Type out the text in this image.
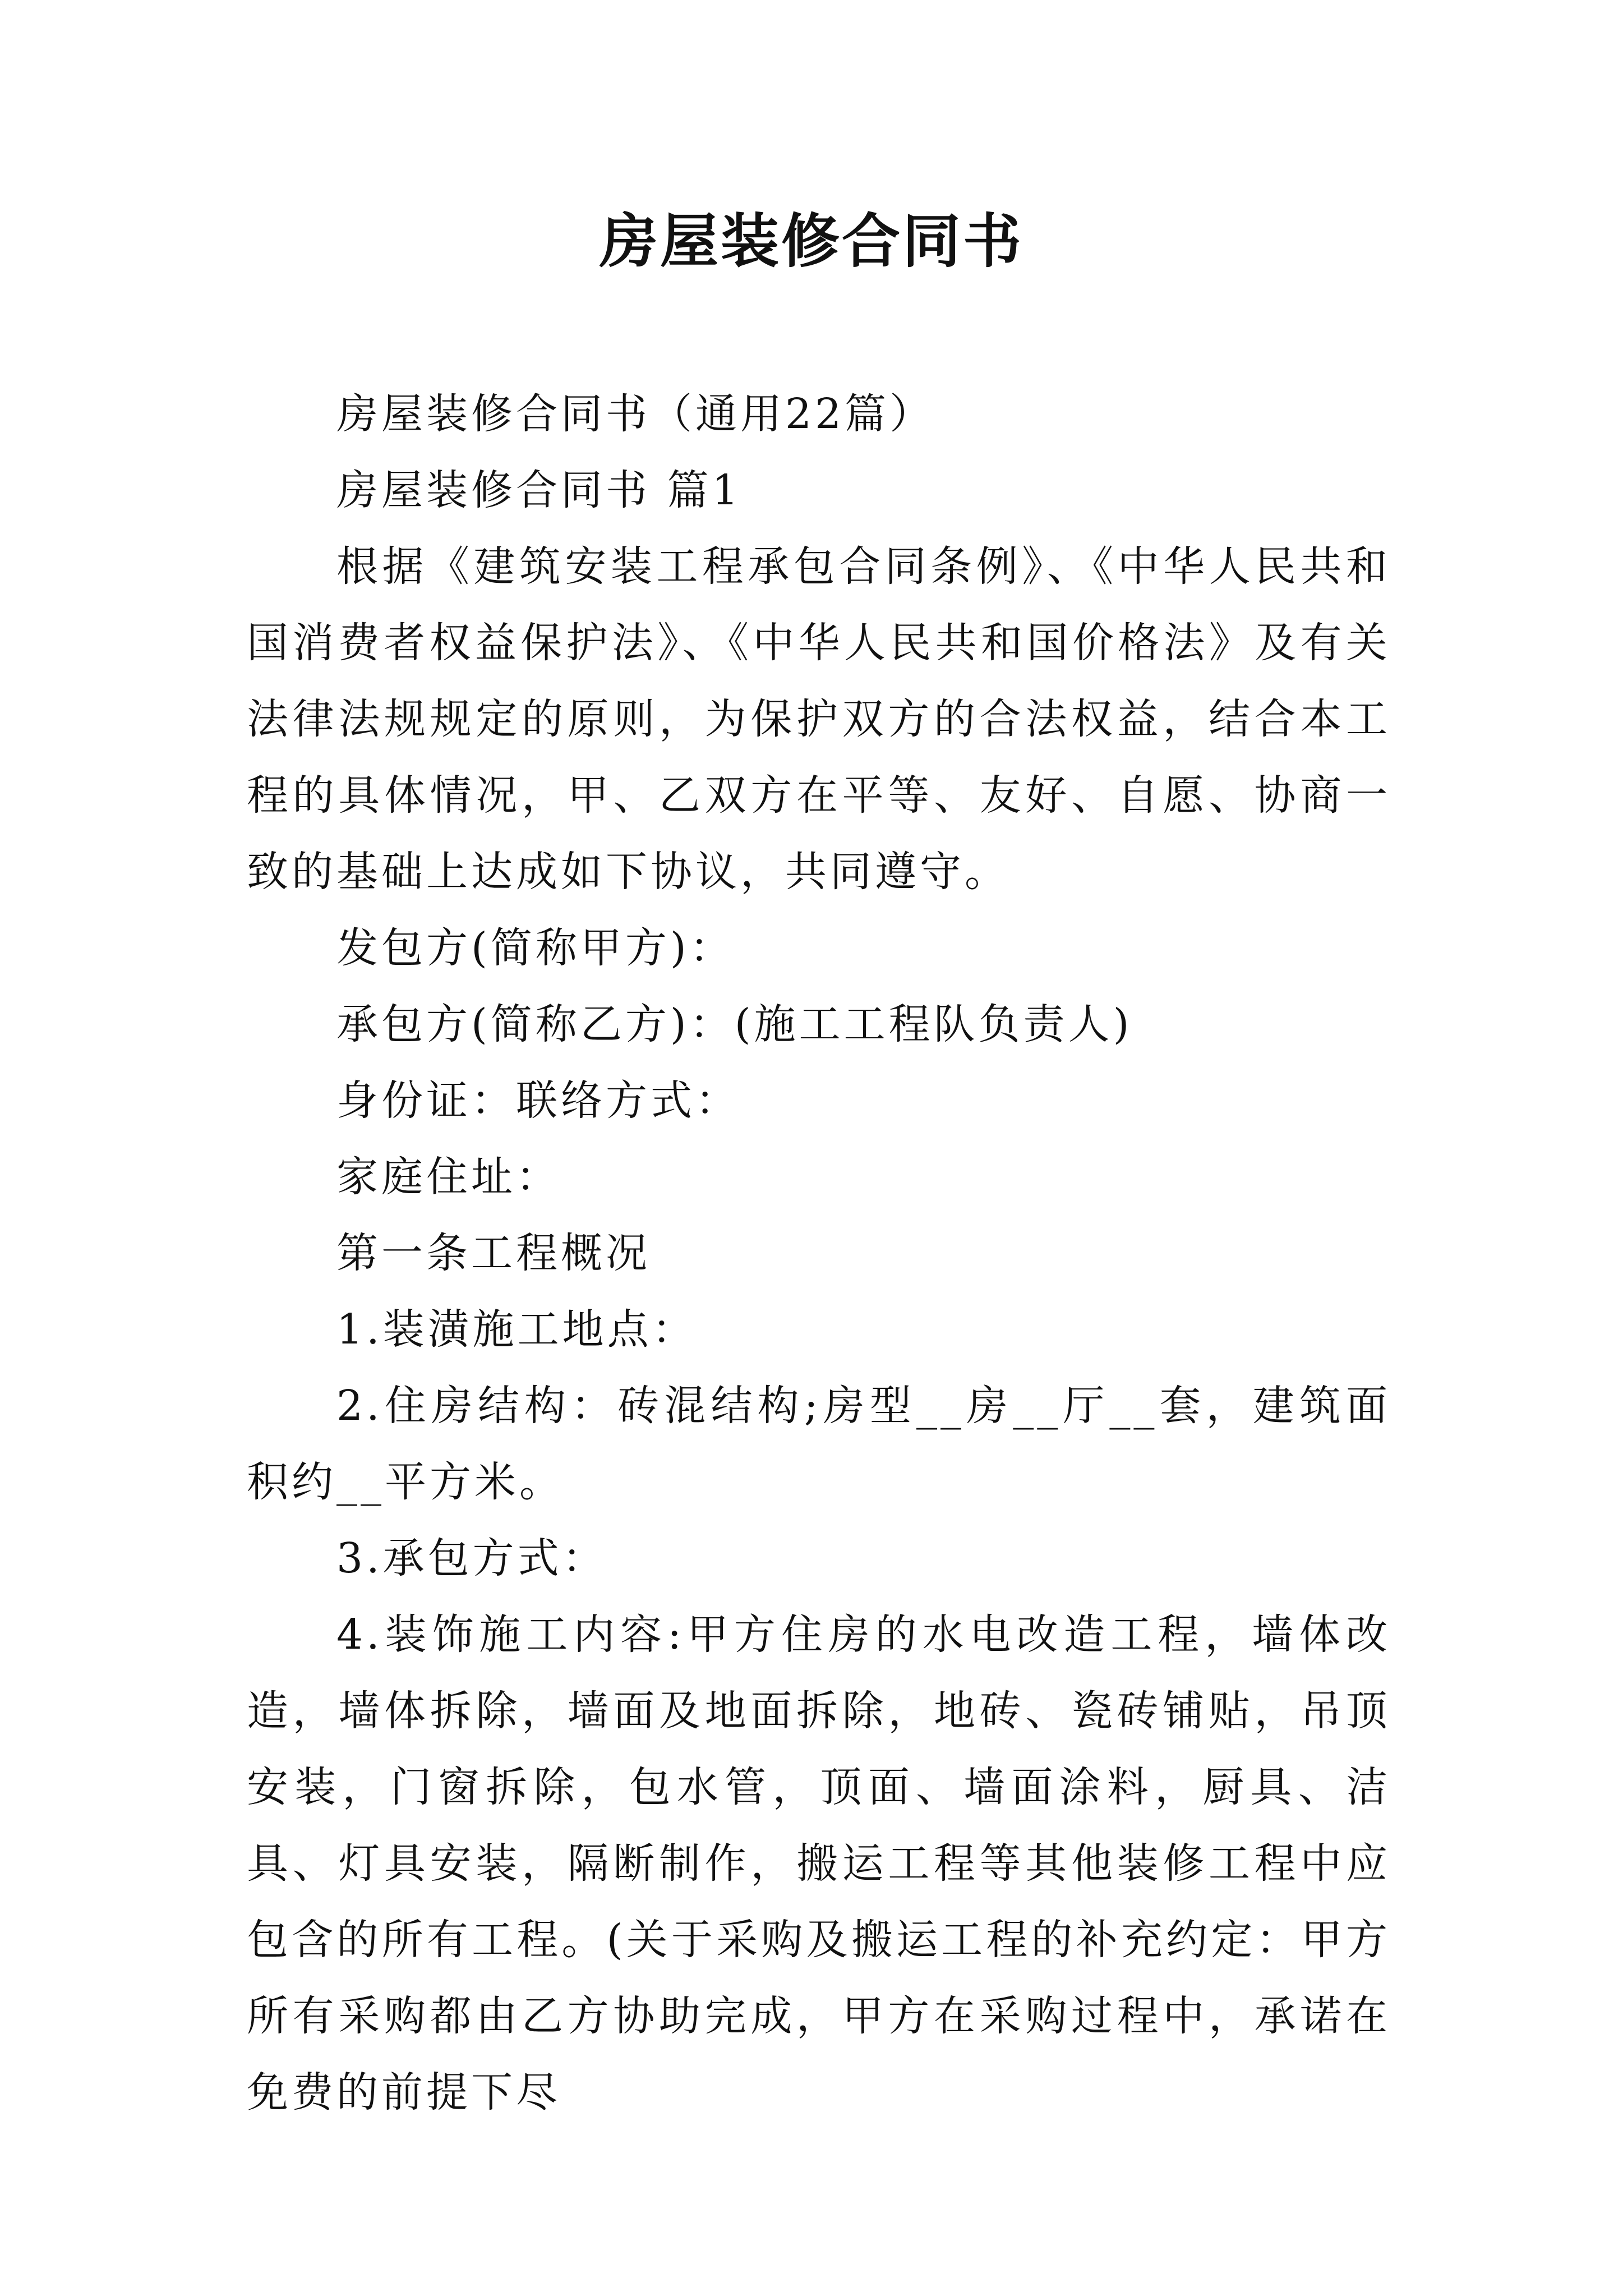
房屋装修合同书

房屋装修合同书（通用22篇）

房屋装修合同书 篇1

根据《建筑安装工程承包合同条例》、《中华人民共和国消费者权益保护法》、《中华人民共和国价格法》及有关法律法规规定的原则，为保护双方的合法权益，结合本工程的具体情况，甲、乙双方在平等、友好、自愿、协商一致的基础上达成如下协议，共同遵守。

发包方(简称甲方)：

承包方(简称乙方)：(施工工程队负责人)

身份证：联络方式：

家庭住址：

第一条工程概况

1.装潢施工地点：

2.住房结构：砖混结构;房型__房__厅__套，建筑面积约__平方米。

3.承包方式：

4.装饰施工内容:甲方住房的水电改造工程，墙体改造，墙体拆除，墙面及地面拆除，地砖、瓷砖铺贴，吊顶安装，门窗拆除，包水管，顶面、墙面涂料，厨具、洁具、灯具安装，隔断制作，搬运工程等其他装修工程中应包含的所有工程。(关于采购及搬运工程的补充约定：甲方所有采购都由乙方协助完成，甲方在采购过程中，承诺在免费的前提下尽
